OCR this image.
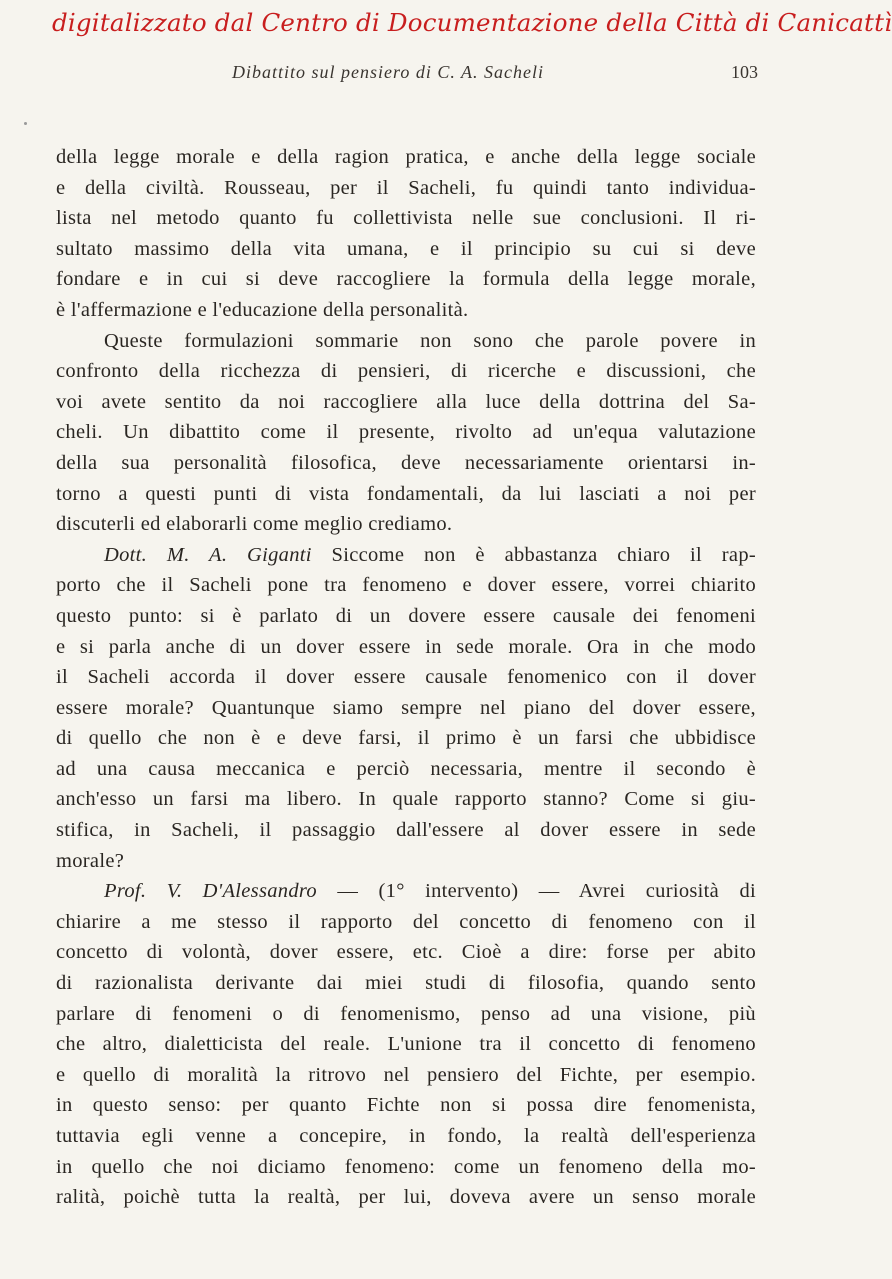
digitalizzato dal Centro di Documentazione della Città di Canicattì
Dibattito sul pensiero di C. A. Sacheli	103
della legge morale e della ragion pratica, e anche della legge sociale
e della civiltà. Rousseau, per il Sacheli, fu quindi tanto individua-
lista nel metodo quanto fu collettivista nelle sue conclusioni. Il ri-
sultato massimo della vita umana, e il principio su cui si deve
fondare e in cui si deve raccogliere la formula della legge morale,
è l'affermazione e l'educazione della personalità.
Queste formulazioni sommarie non sono che parole povere in
confronto della ricchezza di pensieri, di ricerche e discussioni, che
voi avete sentito da noi raccogliere alla luce della dottrina del Sa-
cheli. Un dibattito come il presente, rivolto ad un'equa valutazione
della sua personalità filosofica, deve necessariamente orientarsi in-
torno a questi punti di vista fondamentali, da lui lasciati a noi per
discuterli ed elaborarli come meglio crediamo.
Dott. M. A. Giganti Siccome non è abbastanza chiaro il rap-
porto che il Sacheli pone tra fenomeno e dover essere, vorrei chiarito
questo punto: si è parlato di un dovere essere causale dei fenomeni
e si parla anche di un dover essere in sede morale. Ora in che modo
il Sacheli accorda il dover essere causale fenomenico con il dover
essere morale? Quantunque siamo sempre nel piano del dover essere,
di quello che non è e deve farsi, il primo è un farsi che ubbidisce
ad una causa meccanica e perciò necessaria, mentre il secondo è
anch'esso un farsi ma libero. In quale rapporto stanno? Come si giu-
stifica, in Sacheli, il passaggio dall'essere al dover essere in sede
morale?
Prof. V. D'Alessandro — (1° intervento) — Avrei curiosità di
chiarire a me stesso il rapporto del concetto di fenomeno con il
concetto di volontà, dover essere, etc. Cioè a dire: forse per abito
di razionalista derivante dai miei studi di filosofia, quando sento
parlare di fenomeni o di fenomenismo, penso ad una visione, più
che altro, dialetticista del reale. L'unione tra il concetto di fenomeno
e quello di moralità la ritrovo nel pensiero del Fichte, per esempio.
in questo senso: per quanto Fichte non si possa dire fenomenista,
tuttavia egli venne a concepire, in fondo, la realtà dell'esperienza
in quello che noi diciamo fenomeno: come un fenomeno della mo-
ralità, poichè tutta la realtà, per lui, doveva avere un senso morale
